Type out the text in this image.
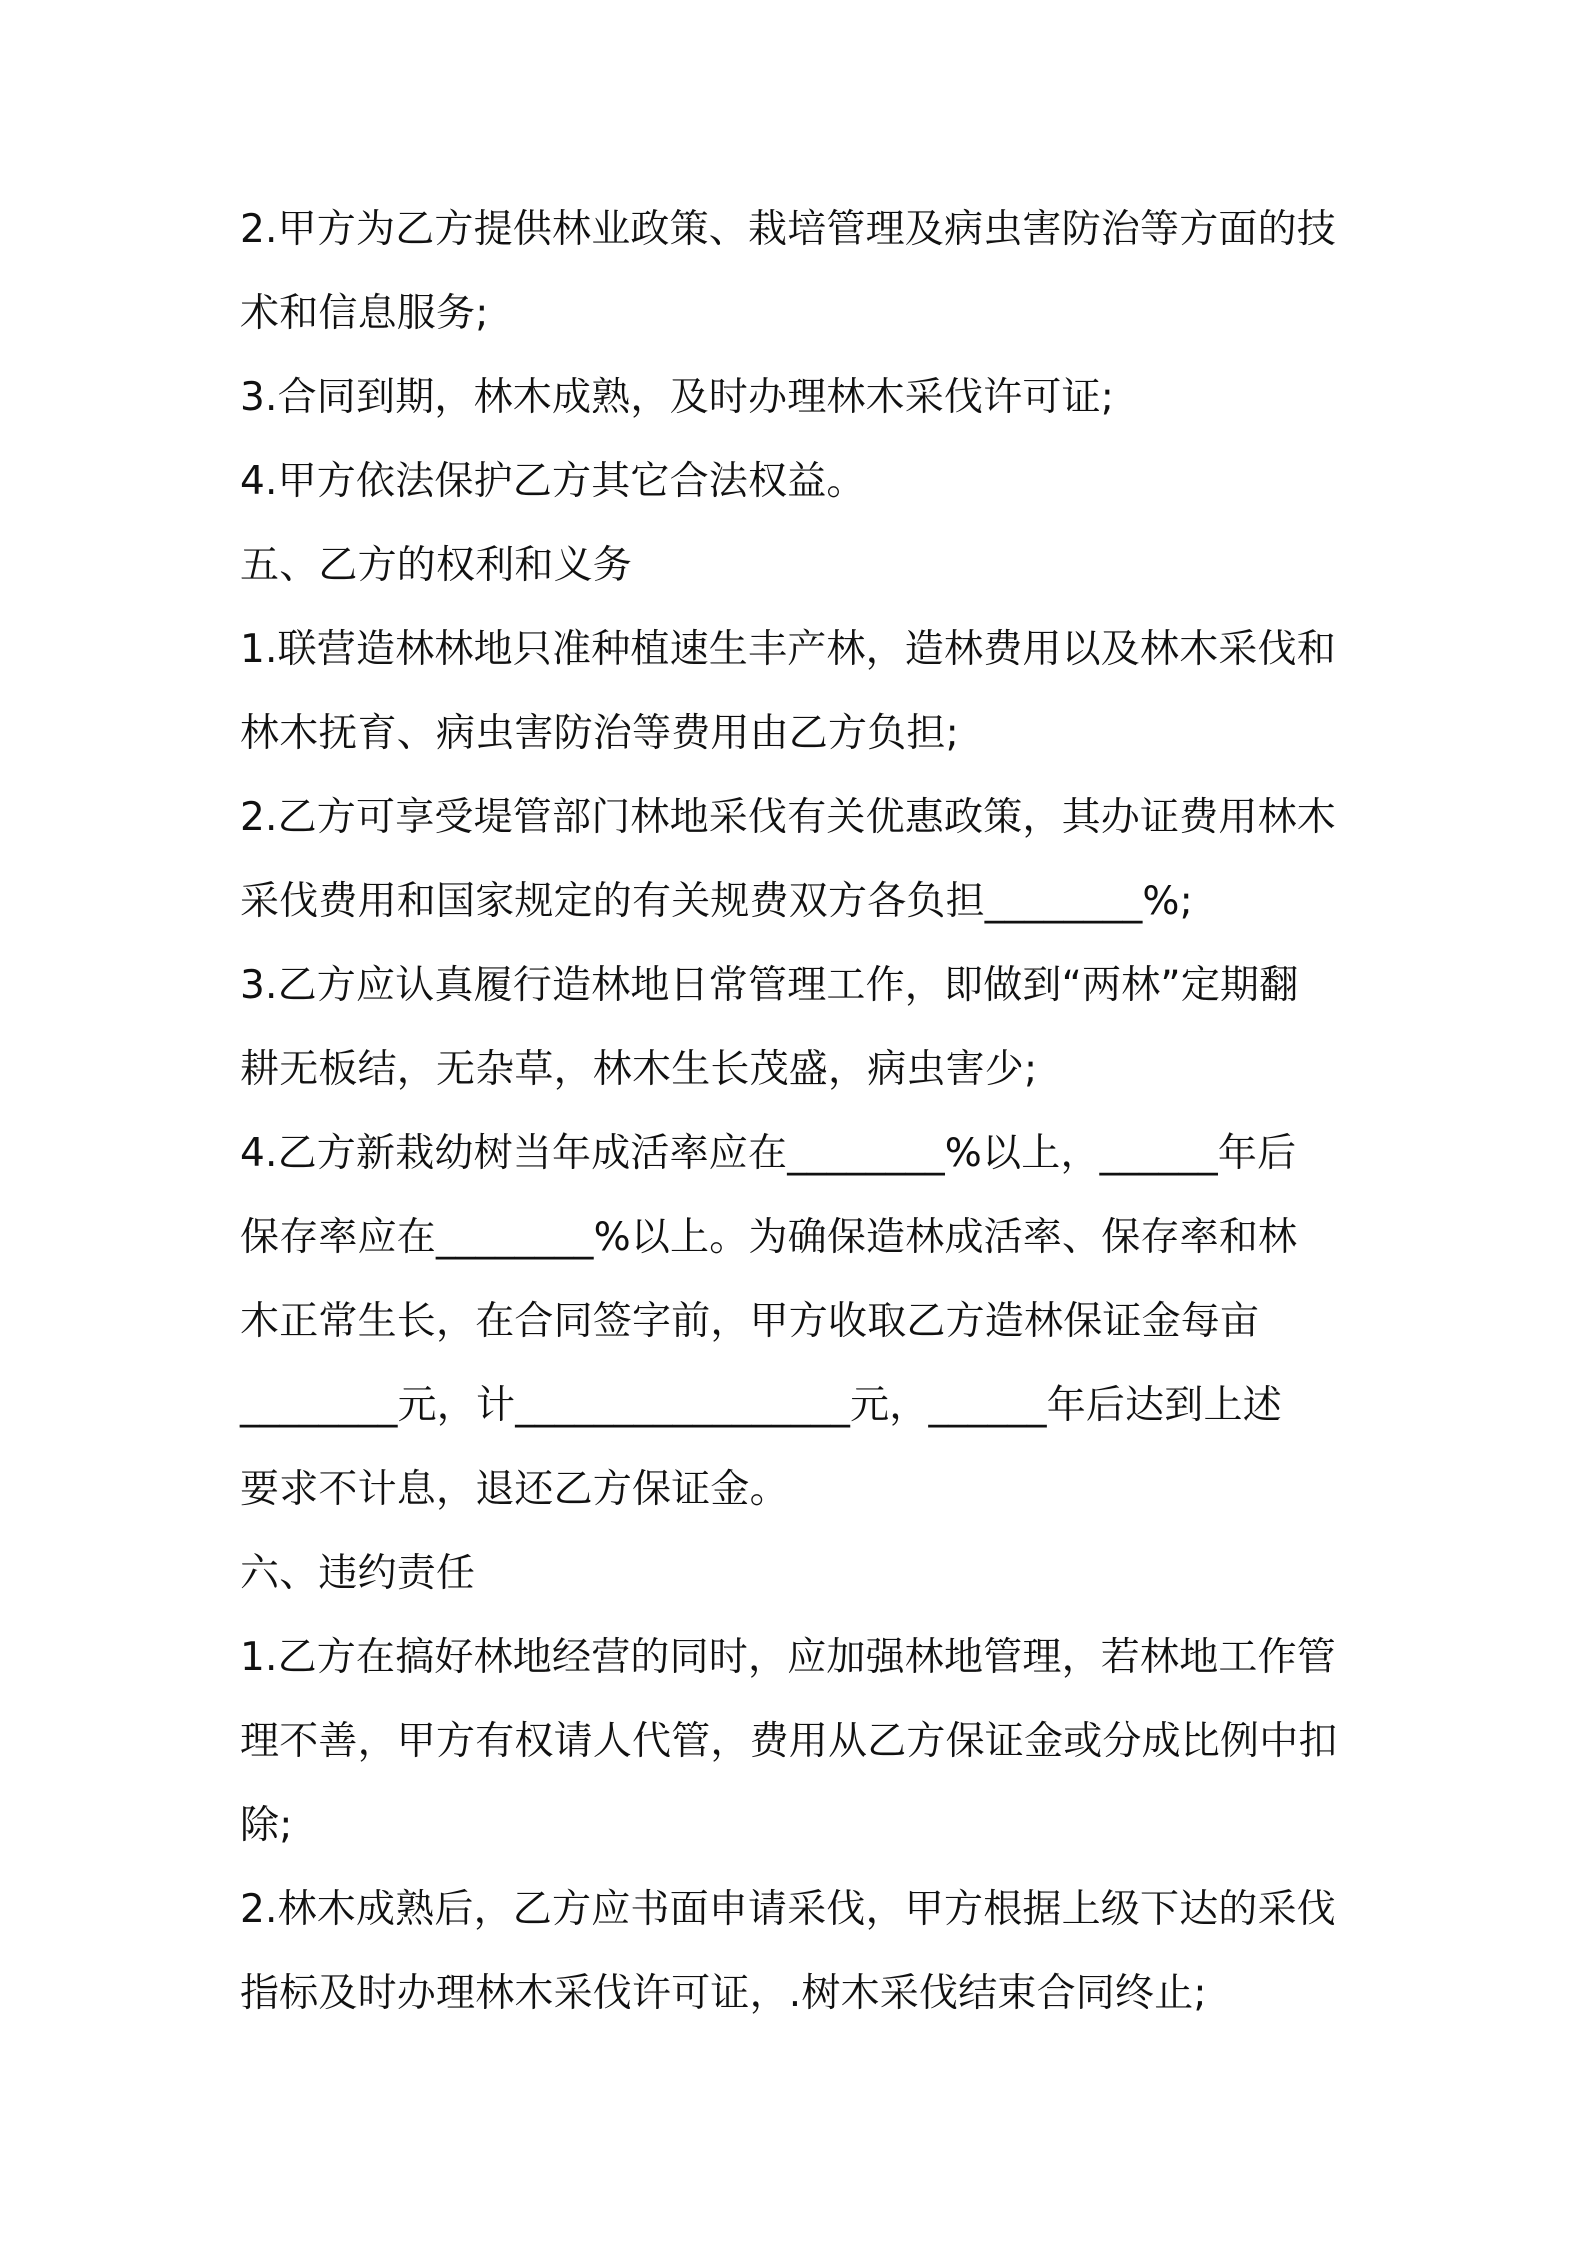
2.甲方为乙方提供林业政策、栽培管理及病虫害防治等方面的技
术和信息服务;
3.合同到期，林木成熟，及时办理林木采伐许可证;
4.甲方依法保护乙方其它合法权益。
五、乙方的权利和义务
1.联营造林林地只准种植速生丰产林，造林费用以及林木采伐和
林木抚育、病虫害防治等费用由乙方负担;
2.乙方可享受堤管部门林地采伐有关优惠政策，其办证费用林木
采伐费用和国家规定的有关规费双方各负担________%;
3.乙方应认真履行造林地日常管理工作，即做到“两林”定期翻
耕无板结，无杂草，林木生长茂盛，病虫害少;
4.乙方新栽幼树当年成活率应在________%以上，______年后
保存率应在________%以上。为确保造林成活率、保存率和林
木正常生长，在合同签字前，甲方收取乙方造林保证金每亩
________元，计_________________元，______年后达到上述
要求不计息，退还乙方保证金。
六、违约责任
1.乙方在搞好林地经营的同时，应加强林地管理，若林地工作管
理不善，甲方有权请人代管，费用从乙方保证金或分成比例中扣
除;
2.林木成熟后，乙方应书面申请采伐，甲方根据上级下达的采伐
指标及时办理林木采伐许可证，.树木采伐结束合同终止;
